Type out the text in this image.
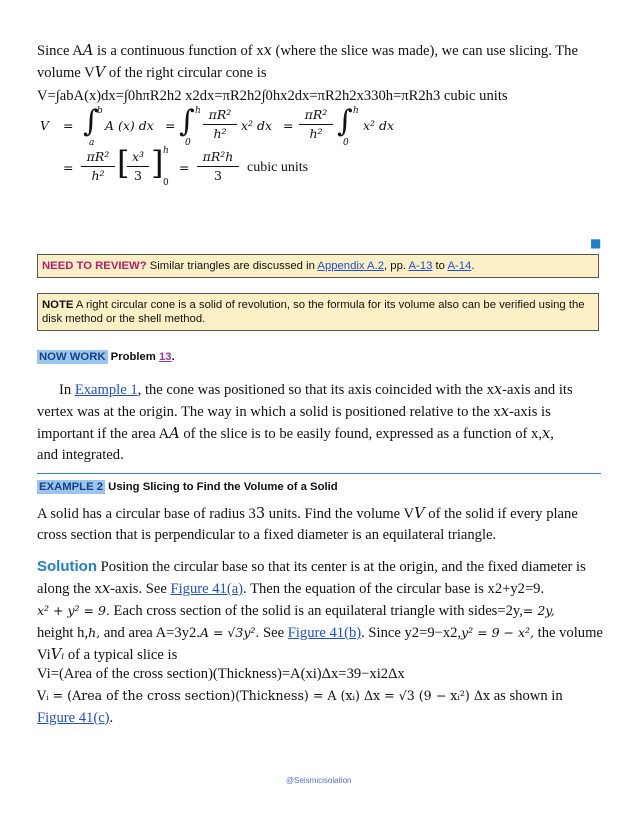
Since AA is a continuous function of xx (where the slice was made), we can use slicing. The volume VV of the right circular cone is
V=∫abA(x)dx=∫0hπR2h2 x2dx=πR2h2∫0hx2dx=πR2h2x330h=πR2h3 cubic units
V = ∫
b
a
A (x) dx = ∫ h
$0 \frac{\text{πR²}}{\text{h²}} x^2$ dx = $\frac{\text{πR²}}{\text{h²}}$ ∫ h
0
x² dx
= $\frac{\text{πR²}}{\text{h²}}$ [
$\frac{\text{x³}}{3}$ ] h
0
= $\frac{\text{πR²h}}{3}$ cubic units
■
NEED TO REVIEW? Similar triangles are discussed in Appendix A.2, pp. A-13 to A-14.
NOTE A right circular cone is a solid of revolution, so the formula for its volume also can be verified using the disk method or the shell method.
NOW WORK Problem 13.
In Example 1, the cone was positioned so that its axis coincided with the xx-axis and its vertex was at the origin. The way in which a solid is positioned relative to the xx-axis is important if the area AA of the slice is to be easily found, expressed as a function of x,x,
and integrated.
EXAMPLE 2 Using Slicing to Find the Volume of a Solid
A solid has a circular base of radius 33 units. Find the volume VV of the solid if every plane cross section that is perpendicular to a fixed diameter is an equilateral triangle.
Solution Position the circular base so that its center is at the origin, and the fixed diameter is along the xx-axis. See Figure 41(a). Then the equation of the circular base is x2+y2=9.
x² + y² = 9. Each cross section of the solid is an equilateral triangle with sides=2y,= 2y,
height h,h, and area A=3y2.A = √3y². See Figure 41(b). Since y2=9−x2,y² = 9 − x², the volume ViVᵢ of a typical slice is
Vi=(Area of the cross section)(Thickness)=A(xi)Δx=39−xi2Δx
Vᵢ = (Area of the cross section)(Thickness) = A (xᵢ) Δx = √3 (9 − xᵢ²) Δx as shown in
Figure 41(c).
@Seismicisolation
